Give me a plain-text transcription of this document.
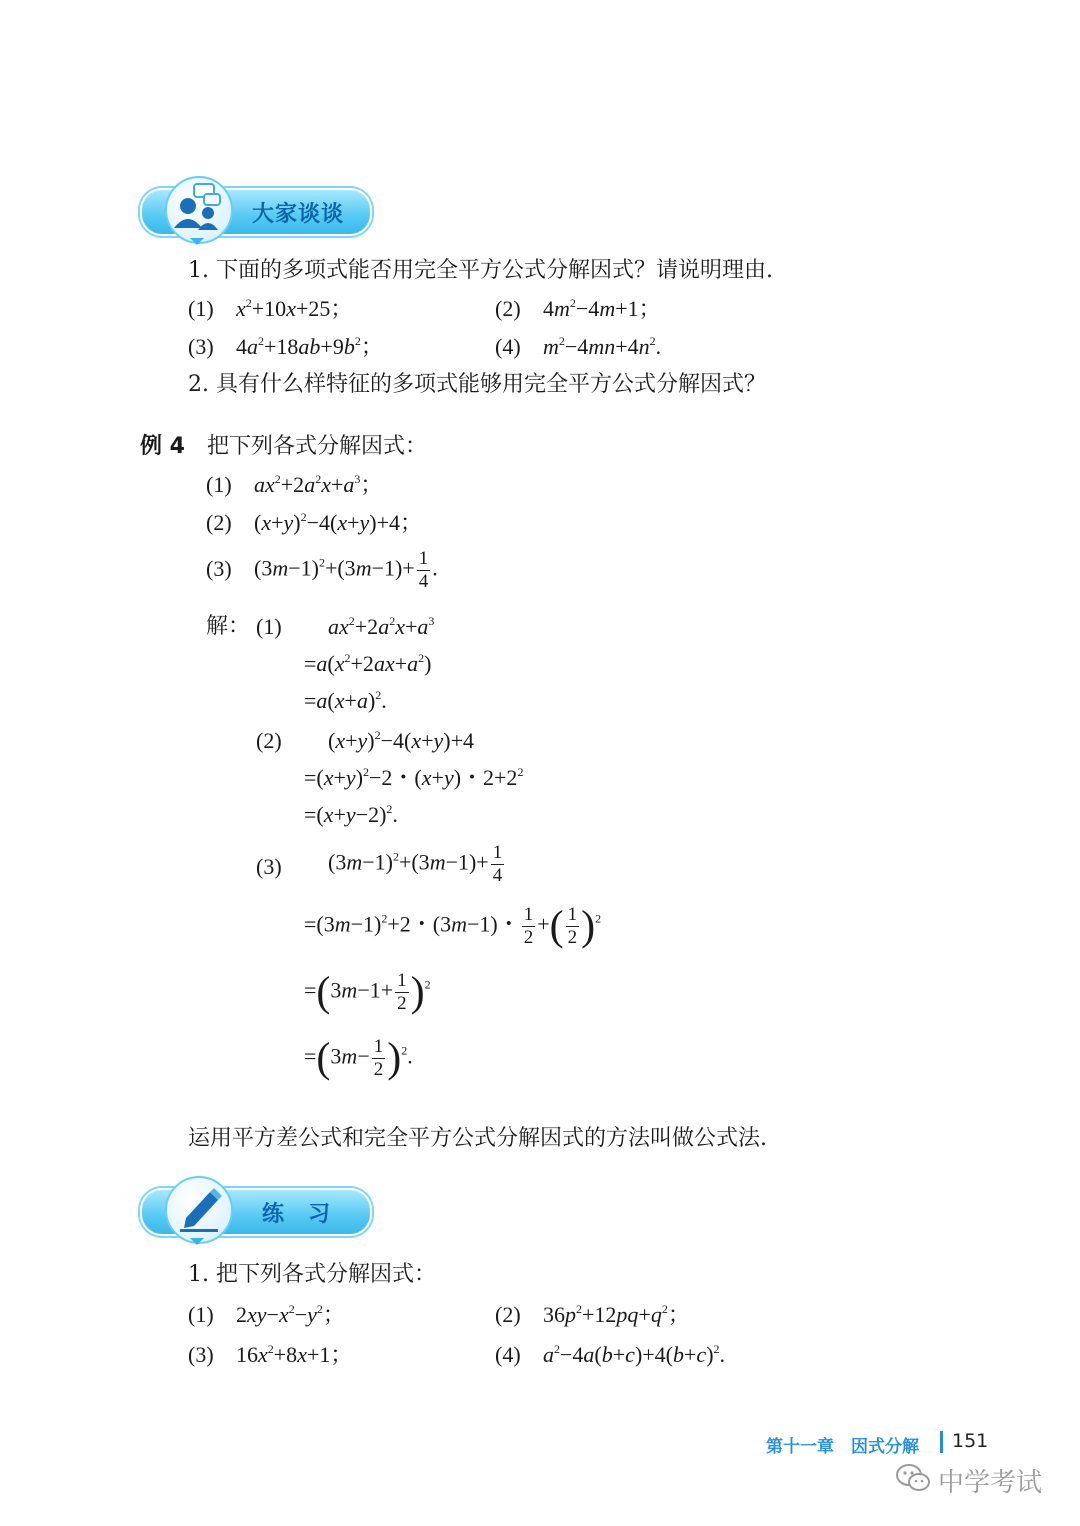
大家谈谈
1. 下面的多项式能否用完全平方公式分解因式？请说明理由.
(1) $x^2+10x+25$；	(2) $4m^2-4m+1$；
(3) $4a^2+18ab+9b^2$；	(4) $m^2-4mn+4n^2$.
2. 具有什么样特征的多项式能够用完全平方公式分解因式？
例 4 把下列各式分解因式：
(1) $ax^2+2a^2x+a^3$；
(2) $(x+y)^2-4(x+y)+4$；
(3) $(3m-1)^2+(3m-1)+ \frac{1}{4}$ .
解： (1) $ax^2+2a^2x+a^3$
$=a(x^2+2ax+a^2)$
$=a(x+a)^2$.
(2) $(x+y)^2-4(x+y)+4$
$=(x+y)^2-2$・(x+y)・$2+2^2$
$=(x+y-2)^2$.
(3) $(3m-1)^2+(3m-1)+ \frac{1}{4}$
$=(3m-1)^2+2$・(3m−1)・ $\frac{1}{2}$ +( $\frac{1}{2} )^2$
$=(3m-1+ \frac{1}{2} )^2$
$=(3m- \frac{1}{2} )^2$.
运用平方差公式和完全平方公式分解因式的方法叫做公式法.
练　习
1. 把下列各式分解因式：
(1) $2xy-x^2-y^2$；	(2) $36p^2+12pq+q^2$；
(3) $16x^2+8x+1$；	(4) $a^2-4a(b+c)+4(b+c)^2$.
第十一章　因式分解 151
中学考试
